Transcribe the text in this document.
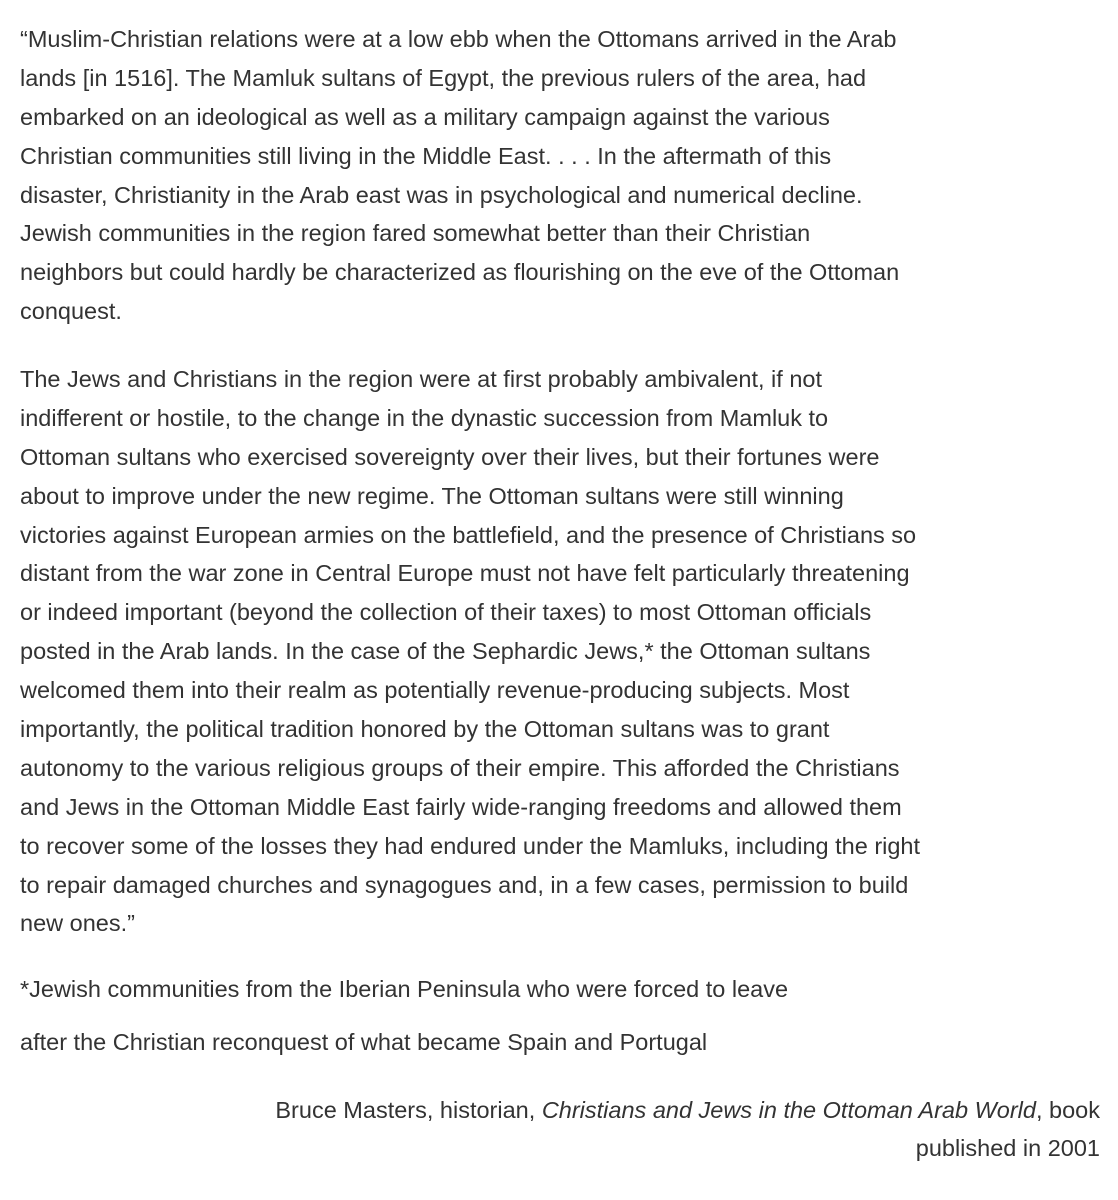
“Muslim-Christian relations were at a low ebb when the Ottomans arrived in the Arab
lands [in 1516]. The Mamluk sultans of Egypt, the previous rulers of the area, had
embarked on an ideological as well as a military campaign against the various
Christian communities still living in the Middle East. . . . In the aftermath of this
disaster, Christianity in the Arab east was in psychological and numerical decline.
Jewish communities in the region fared somewhat better than their Christian
neighbors but could hardly be characterized as flourishing on the eve of the Ottoman
conquest.
The Jews and Christians in the region were at first probably ambivalent, if not
indifferent or hostile, to the change in the dynastic succession from Mamluk to
Ottoman sultans who exercised sovereignty over their lives, but their fortunes were
about to improve under the new regime. The Ottoman sultans were still winning
victories against European armies on the battlefield, and the presence of Christians so
distant from the war zone in Central Europe must not have felt particularly threatening
or indeed important (beyond the collection of their taxes) to most Ottoman officials
posted in the Arab lands. In the case of the Sephardic Jews,* the Ottoman sultans
welcomed them into their realm as potentially revenue-producing subjects. Most
importantly, the political tradition honored by the Ottoman sultans was to grant
autonomy to the various religious groups of their empire. This afforded the Christians
and Jews in the Ottoman Middle East fairly wide-ranging freedoms and allowed them
to recover some of the losses they had endured under the Mamluks, including the right
to repair damaged churches and synagogues and, in a few cases, permission to build
new ones.”
*Jewish communities from the Iberian Peninsula who were forced to leave
after the Christian reconquest of what became Spain and Portugal
Bruce Masters, historian, Christians and Jews in the Ottoman Arab World, book
published in 2001
